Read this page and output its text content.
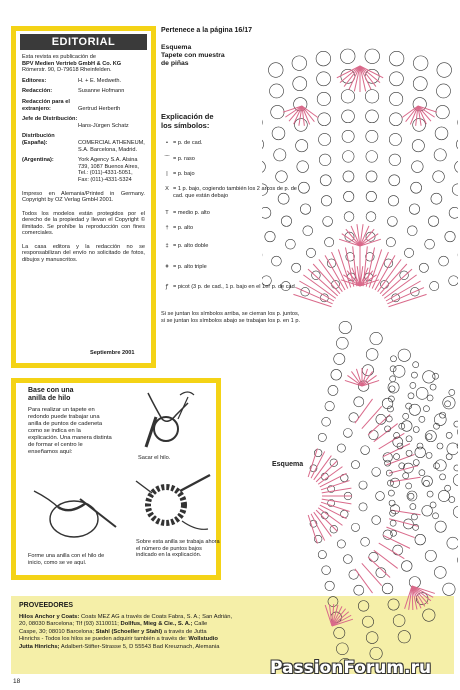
EDITORIAL
Esta revista es publicación de
BPV Medien Vertrieb GmbH & Co. KG
Römerstr. 90, D-79618 Rheinfelden.
Editores:	H. + E. Medweth.
Redacción:	Susanne Hofmann
Redacción para el extranjero:	Gertrud Herberth
Jefe de Distribución:
Hans-Jürgen Schatz
Distribución (España):	COMERCIAL ATHENEUM, S.A. Barcelona, Madrid.
(Argentina):	York Agency S.A. Alsina 739, 1087 Buenos Aires, Tel.: (011)-4331-5051, Fax: (011)-4331-5324
Impreso en Alemania/Printed in Germany. Copyright by OZ Verlag GmbH 2001.
Todos los modelos están protegidos por el derecho de la propiedad y llevan el Copyright © ilimitado. Se prohíbe la reproducción con fines comerciales.
La casa editora y la redacción no se responsabilizan del envío no solicitado de fotos, dibujos y manuscritos.
Septiembre 2001
Base con una
anilla de hilo
Para realizar un tapete en redondo puede trabajar una anilla de puntos de cadeneta como se indica en la explicación. Una manera distinta de formar el centro le enseñamos aquí:
Sacar el hilo.
Forme una anilla con el hilo de inicio, como se ve aquí.
Sobre esta anilla se trabaja ahora el número de puntos bajos indicado en la explicación.
PROVEEDORES
Hilos Anchor y Coats: Coats MEZ AG a través de Coats Fabra, S. A.; San Adrián,
20, 08030 Barcelona; Tlf (93) 3110011; Dollfus, Mieg & Cie., S. A.; Calle
Caspe, 30; 08010 Barcelona; Stahl (Schoeller y Stahl) a través de Jutta
Hinrichs - Todos los hilos se pueden adquirir también a través de: Wollstudio
Jutta Hinrichs; Adalbert-Stifter-Strasse 5, D 55543 Bad Kreuznach, Alemania
18
Pertenece a la página 16/17
Esquema
Tapete con muestra
de piñas
Explicación de
los símbolos:
• = p. de cad.
⌒ = p. raso
| = p. bajo
X = 1 p. bajo, cogiendo también los 2 arcos de p. de cad. que están debajo
T = medio p. alto
† = p. alto
‡ = p. alto doble
ǂ = p. alto triple
ꝭ = picot (3 p. de cad., 1 p. bajo en el 1er p. de cad.
Si se juntan los símbolos arriba, se cierran los p. juntos, si se juntan los símbolos abajo se trabajan los p. en 1 p.
Esquema
PassionForum.ru
